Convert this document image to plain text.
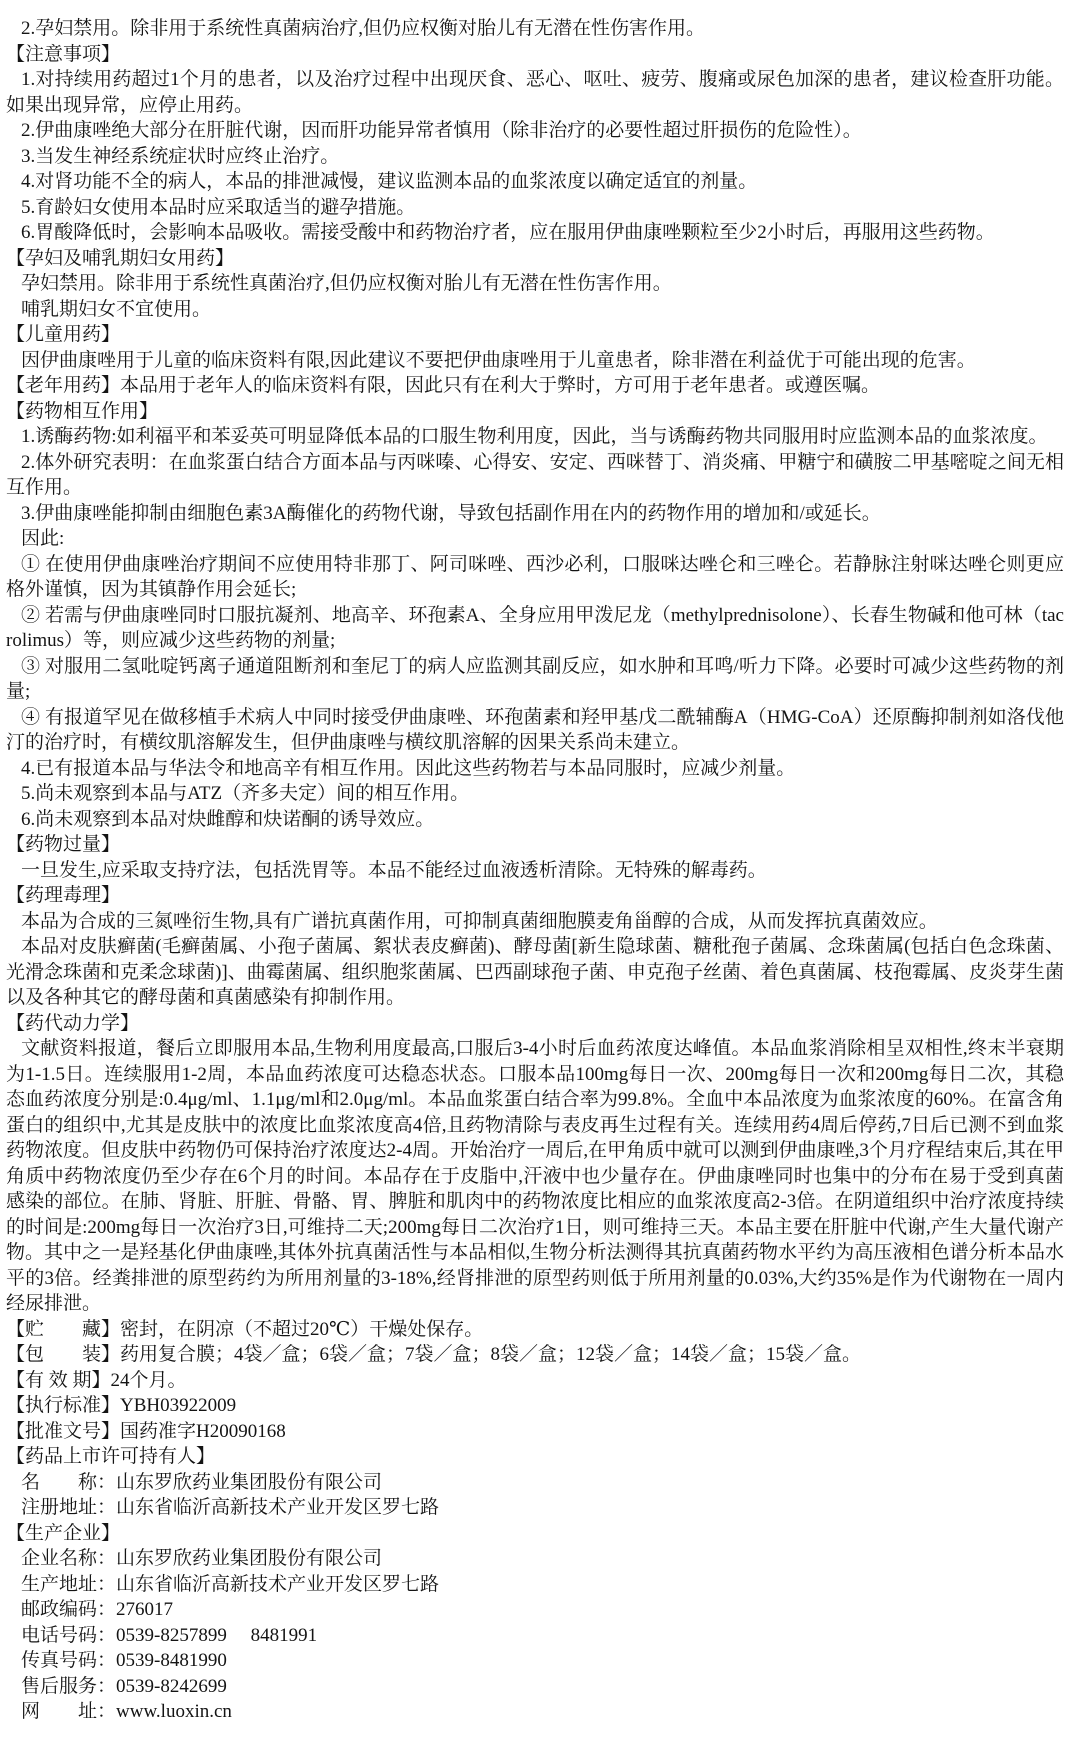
2.孕妇禁用。除非用于系统性真菌病治疗,但仍应权衡对胎儿有无潜在性伤害作用。

【注意事项】

1.对持续用药超过1个月的患者，以及治疗过程中出现厌食、恶心、呕吐、疲劳、腹痛或尿色加深的患者，建议检查肝功能。如果出现异常，应停止用药。

2.伊曲康唑绝大部分在肝脏代谢，因而肝功能异常者慎用（除非治疗的必要性超过肝损伤的危险性）。

3.当发生神经系统症状时应终止治疗。

4.对肾功能不全的病人，本品的排泄减慢，建议监测本品的血浆浓度以确定适宜的剂量。

5.育龄妇女使用本品时应采取适当的避孕措施。

6.胃酸降低时，会影响本品吸收。需接受酸中和药物治疗者，应在服用伊曲康唑颗粒至少2小时后，再服用这些药物。

【孕妇及哺乳期妇女用药】

孕妇禁用。除非用于系统性真菌治疗,但仍应权衡对胎儿有无潜在性伤害作用。

哺乳期妇女不宜使用。

【儿童用药】

因伊曲康唑用于儿童的临床资料有限,因此建议不要把伊曲康唑用于儿童患者，除非潜在利益优于可能出现的危害。

【老年用药】本品用于老年人的临床资料有限，因此只有在利大于弊时，方可用于老年患者。或遵医嘱。

【药物相互作用】

1.诱酶药物:如利福平和苯妥英可明显降低本品的口服生物利用度，因此，当与诱酶药物共同服用时应监测本品的血浆浓度。

2.体外研究表明：在血浆蛋白结合方面本品与丙咪嗪、心得安、安定、西咪替丁、消炎痛、甲糖宁和磺胺二甲基嘧啶之间无相互作用。

3.伊曲康唑能抑制由细胞色素3A酶催化的药物代谢，导致包括副作用在内的药物作用的增加和/或延长。

因此:

① 在使用伊曲康唑治疗期间不应使用特非那丁、阿司咪唑、西沙必利，口服咪达唑仑和三唑仑。若静脉注射咪达唑仑则更应格外谨慎，因为其镇静作用会延长;

② 若需与伊曲康唑同时口服抗凝剂、地高辛、环孢素A、全身应用甲泼尼龙（methylprednisolone）、长春生物碱和他可林（tacrolimus）等，则应减少这些药物的剂量;

③ 对服用二氢吡啶钙离子通道阻断剂和奎尼丁的病人应监测其副反应，如水肿和耳鸣/听力下降。必要时可减少这些药物的剂量;

④ 有报道罕见在做移植手术病人中同时接受伊曲康唑、环孢菌素和羟甲基戊二酰辅酶A（HMG-CoA）还原酶抑制剂如洛伐他汀的治疗时，有横纹肌溶解发生，但伊曲康唑与横纹肌溶解的因果关系尚未建立。

4.已有报道本品与华法令和地高辛有相互作用。因此这些药物若与本品同服时，应减少剂量。

5.尚未观察到本品与ATZ（齐多夫定）间的相互作用。

6.尚未观察到本品对炔雌醇和炔诺酮的诱导效应。

【药物过量】

一旦发生,应采取支持疗法，包括洗胃等。本品不能经过血液透析清除。无特殊的解毒药。

【药理毒理】

本品为合成的三氮唑衍生物,具有广谱抗真菌作用，可抑制真菌细胞膜麦角甾醇的合成，从而发挥抗真菌效应。

本品对皮肤癣菌(毛癣菌属、小孢子菌属、絮状表皮癣菌)、酵母菌[新生隐球菌、糖秕孢子菌属、念珠菌属(包括白色念珠菌、光滑念珠菌和克柔念球菌)]、曲霉菌属、组织胞浆菌属、巴西副球孢子菌、申克孢子丝菌、着色真菌属、枝孢霉属、皮炎芽生菌以及各种其它的酵母菌和真菌感染有抑制作用。

【药代动力学】

文献资料报道，餐后立即服用本品,生物利用度最高,口服后3-4小时后血药浓度达峰值。本品血浆消除相呈双相性,终末半衰期为1-1.5日。连续服用1-2周，本品血药浓度可达稳态状态。口服本品100mg每日一次、200mg每日一次和200mg每日二次，其稳态血药浓度分别是:0.4μg/ml、1.1μg/ml和2.0μg/ml。本品血浆蛋白结合率为99.8%。全血中本品浓度为血浆浓度的60%。在富含角蛋白的组织中,尤其是皮肤中的浓度比血浆浓度高4倍,且药物清除与表皮再生过程有关。连续用药4周后停药,7日后已测不到血浆药物浓度。但皮肤中药物仍可保持治疗浓度达2-4周。开始治疗一周后,在甲角质中就可以测到伊曲康唑,3个月疗程结束后,其在甲角质中药物浓度仍至少存在6个月的时间。本品存在于皮脂中,汗液中也少量存在。伊曲康唑同时也集中的分布在易于受到真菌感染的部位。在肺、肾脏、肝脏、骨骼、胃、脾脏和肌肉中的药物浓度比相应的血浆浓度高2-3倍。在阴道组织中治疗浓度持续的时间是:200mg每日一次治疗3日,可维持二天;200mg每日二次治疗1日，则可维持三天。本品主要在肝脏中代谢,产生大量代谢产物。其中之一是羟基化伊曲康唑,其体外抗真菌活性与本品相似,生物分析法测得其抗真菌药物水平约为高压液相色谱分析本品水平的3倍。经粪排泄的原型药约为所用剂量的3-18%,经肾排泄的原型药则低于所用剂量的0.03%,大约35%是作为代谢物在一周内经尿排泄。

【贮　　藏】密封，在阴凉（不超过20℃）干燥处保存。

【包　　装】药用复合膜；4袋／盒；6袋／盒；7袋／盒；8袋／盒；12袋／盒；14袋／盒；15袋／盒。

【有 效 期】24个月。

【执行标准】YBH03922009

【批准文号】国药准字H20090168

【药品上市许可持有人】

名　　称：山东罗欣药业集团股份有限公司

注册地址：山东省临沂高新技术产业开发区罗七路

【生产企业】

企业名称：山东罗欣药业集团股份有限公司

生产地址：山东省临沂高新技术产业开发区罗七路

邮政编码：276017

电话号码：0539-8257899　 8481991

传真号码：0539-8481990

售后服务：0539-8242699

网　　址：www.luoxin.cn
